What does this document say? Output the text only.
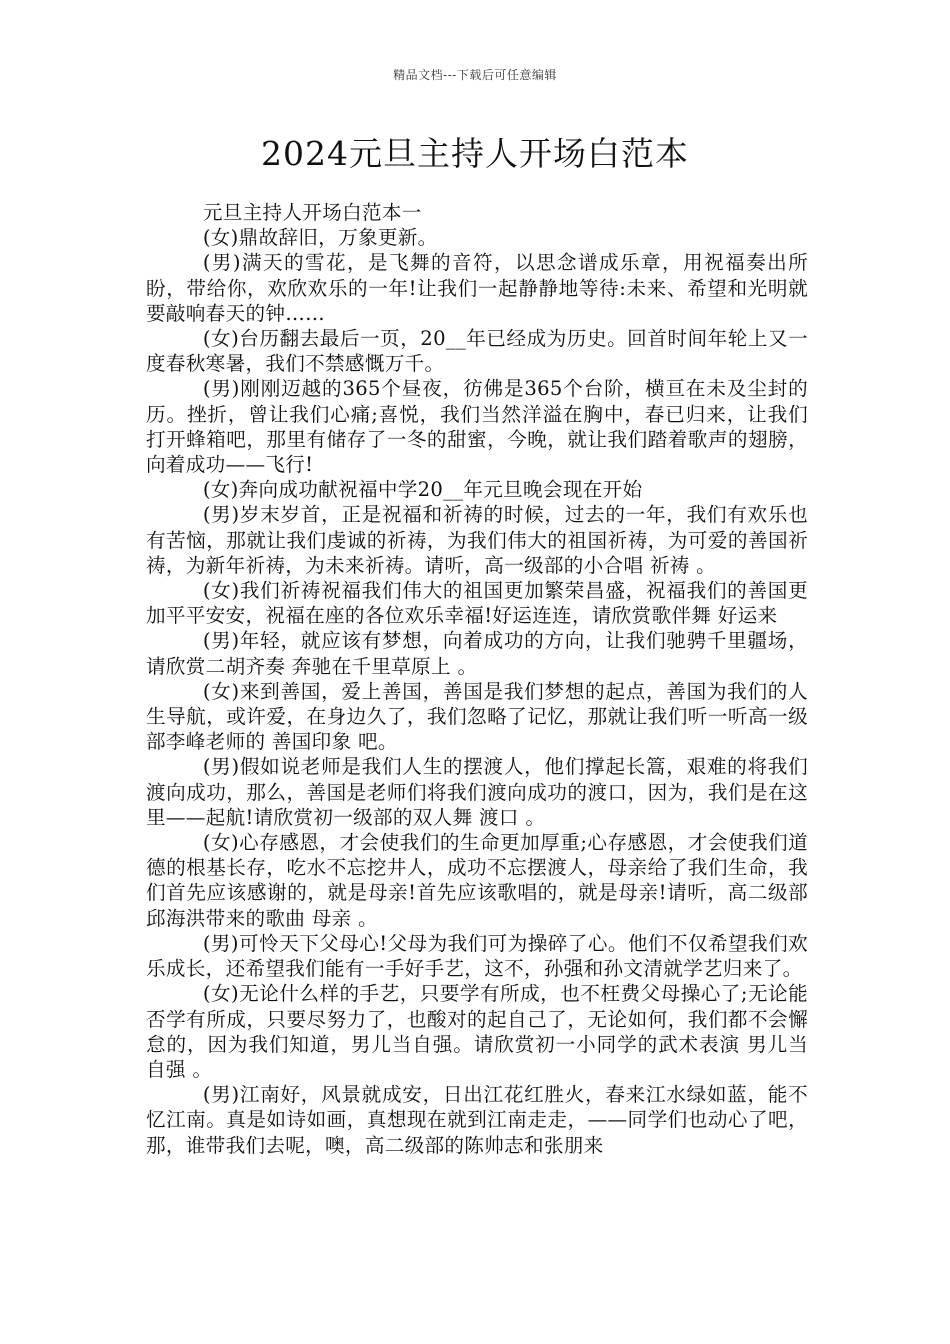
精品文档---下载后可任意编辑
2024元旦主持人开场白范本

元旦主持人开场白范本一

(女)鼎故辞旧，万象更新。

(男)满天的雪花，是飞舞的音符，以思念谱成乐章，用祝福奏出所盼，带给你，欢欣欢乐的一年!让我们一起静静地等待:未来、希望和光明就要敲响春天的钟……

(女)台历翻去最后一页，20__年已经成为历史。回首时间年轮上又一度春秋寒暑，我们不禁感慨万千。

(男)刚刚迈越的365个昼夜，彷佛是365个台阶，横亘在未及尘封的历。挫折，曾让我们心痛;喜悦，我们当然洋溢在胸中，春已归来，让我们打开蜂箱吧，那里有储存了一冬的甜蜜，今晚，就让我们踏着歌声的翅膀，向着成功——飞行!

(女)奔向成功献祝福中学20__年元旦晚会现在开始

(男)岁末岁首，正是祝福和祈祷的时候，过去的一年，我们有欢乐也有苦恼，那就让我们虔诚的祈祷，为我们伟大的祖国祈祷，为可爱的善国祈祷，为新年祈祷，为未来祈祷。请听，高一级部的小合唱 祈祷 。

(女)我们祈祷祝福我们伟大的祖国更加繁荣昌盛，祝福我们的善国更加平平安安，祝福在座的各位欢乐幸福!好运连连，请欣赏歌伴舞 好运来

(男)年轻，就应该有梦想，向着成功的方向，让我们驰骋千里疆场，请欣赏二胡齐奏 奔驰在千里草原上 。

(女)来到善国，爱上善国，善国是我们梦想的起点，善国为我们的人生导航，或许爱，在身边久了，我们忽略了记忆，那就让我们听一听高一级部李峰老师的 善国印象 吧。

(男)假如说老师是我们人生的摆渡人，他们撑起长篙，艰难的将我们渡向成功，那么，善国是老师们将我们渡向成功的渡口，因为，我们是在这里——起航!请欣赏初一级部的双人舞 渡口 。

(女)心存感恩，才会使我们的生命更加厚重;心存感恩，才会使我们道德的根基长存，吃水不忘挖井人，成功不忘摆渡人，母亲给了我们生命，我们首先应该感谢的，就是母亲!首先应该歌唱的，就是母亲!请听，高二级部邱海洪带来的歌曲 母亲 。

(男)可怜天下父母心!父母为我们可为操碎了心。他们不仅希望我们欢乐成长，还希望我们能有一手好手艺，这不，孙强和孙文清就学艺归来了。

(女)无论什么样的手艺，只要学有所成，也不枉费父母操心了;无论能否学有所成，只要尽努力了，也酸对的起自己了，无论如何，我们都不会懈怠的，因为我们知道，男儿当自强。请欣赏初一小同学的武术表演 男儿当自强 。

(男)江南好，风景就成安，日出江花红胜火，春来江水绿如蓝，能不忆江南。真是如诗如画，真想现在就到江南走走，——同学们也动心了吧，那，谁带我们去呢，噢，高二级部的陈帅志和张朋来
